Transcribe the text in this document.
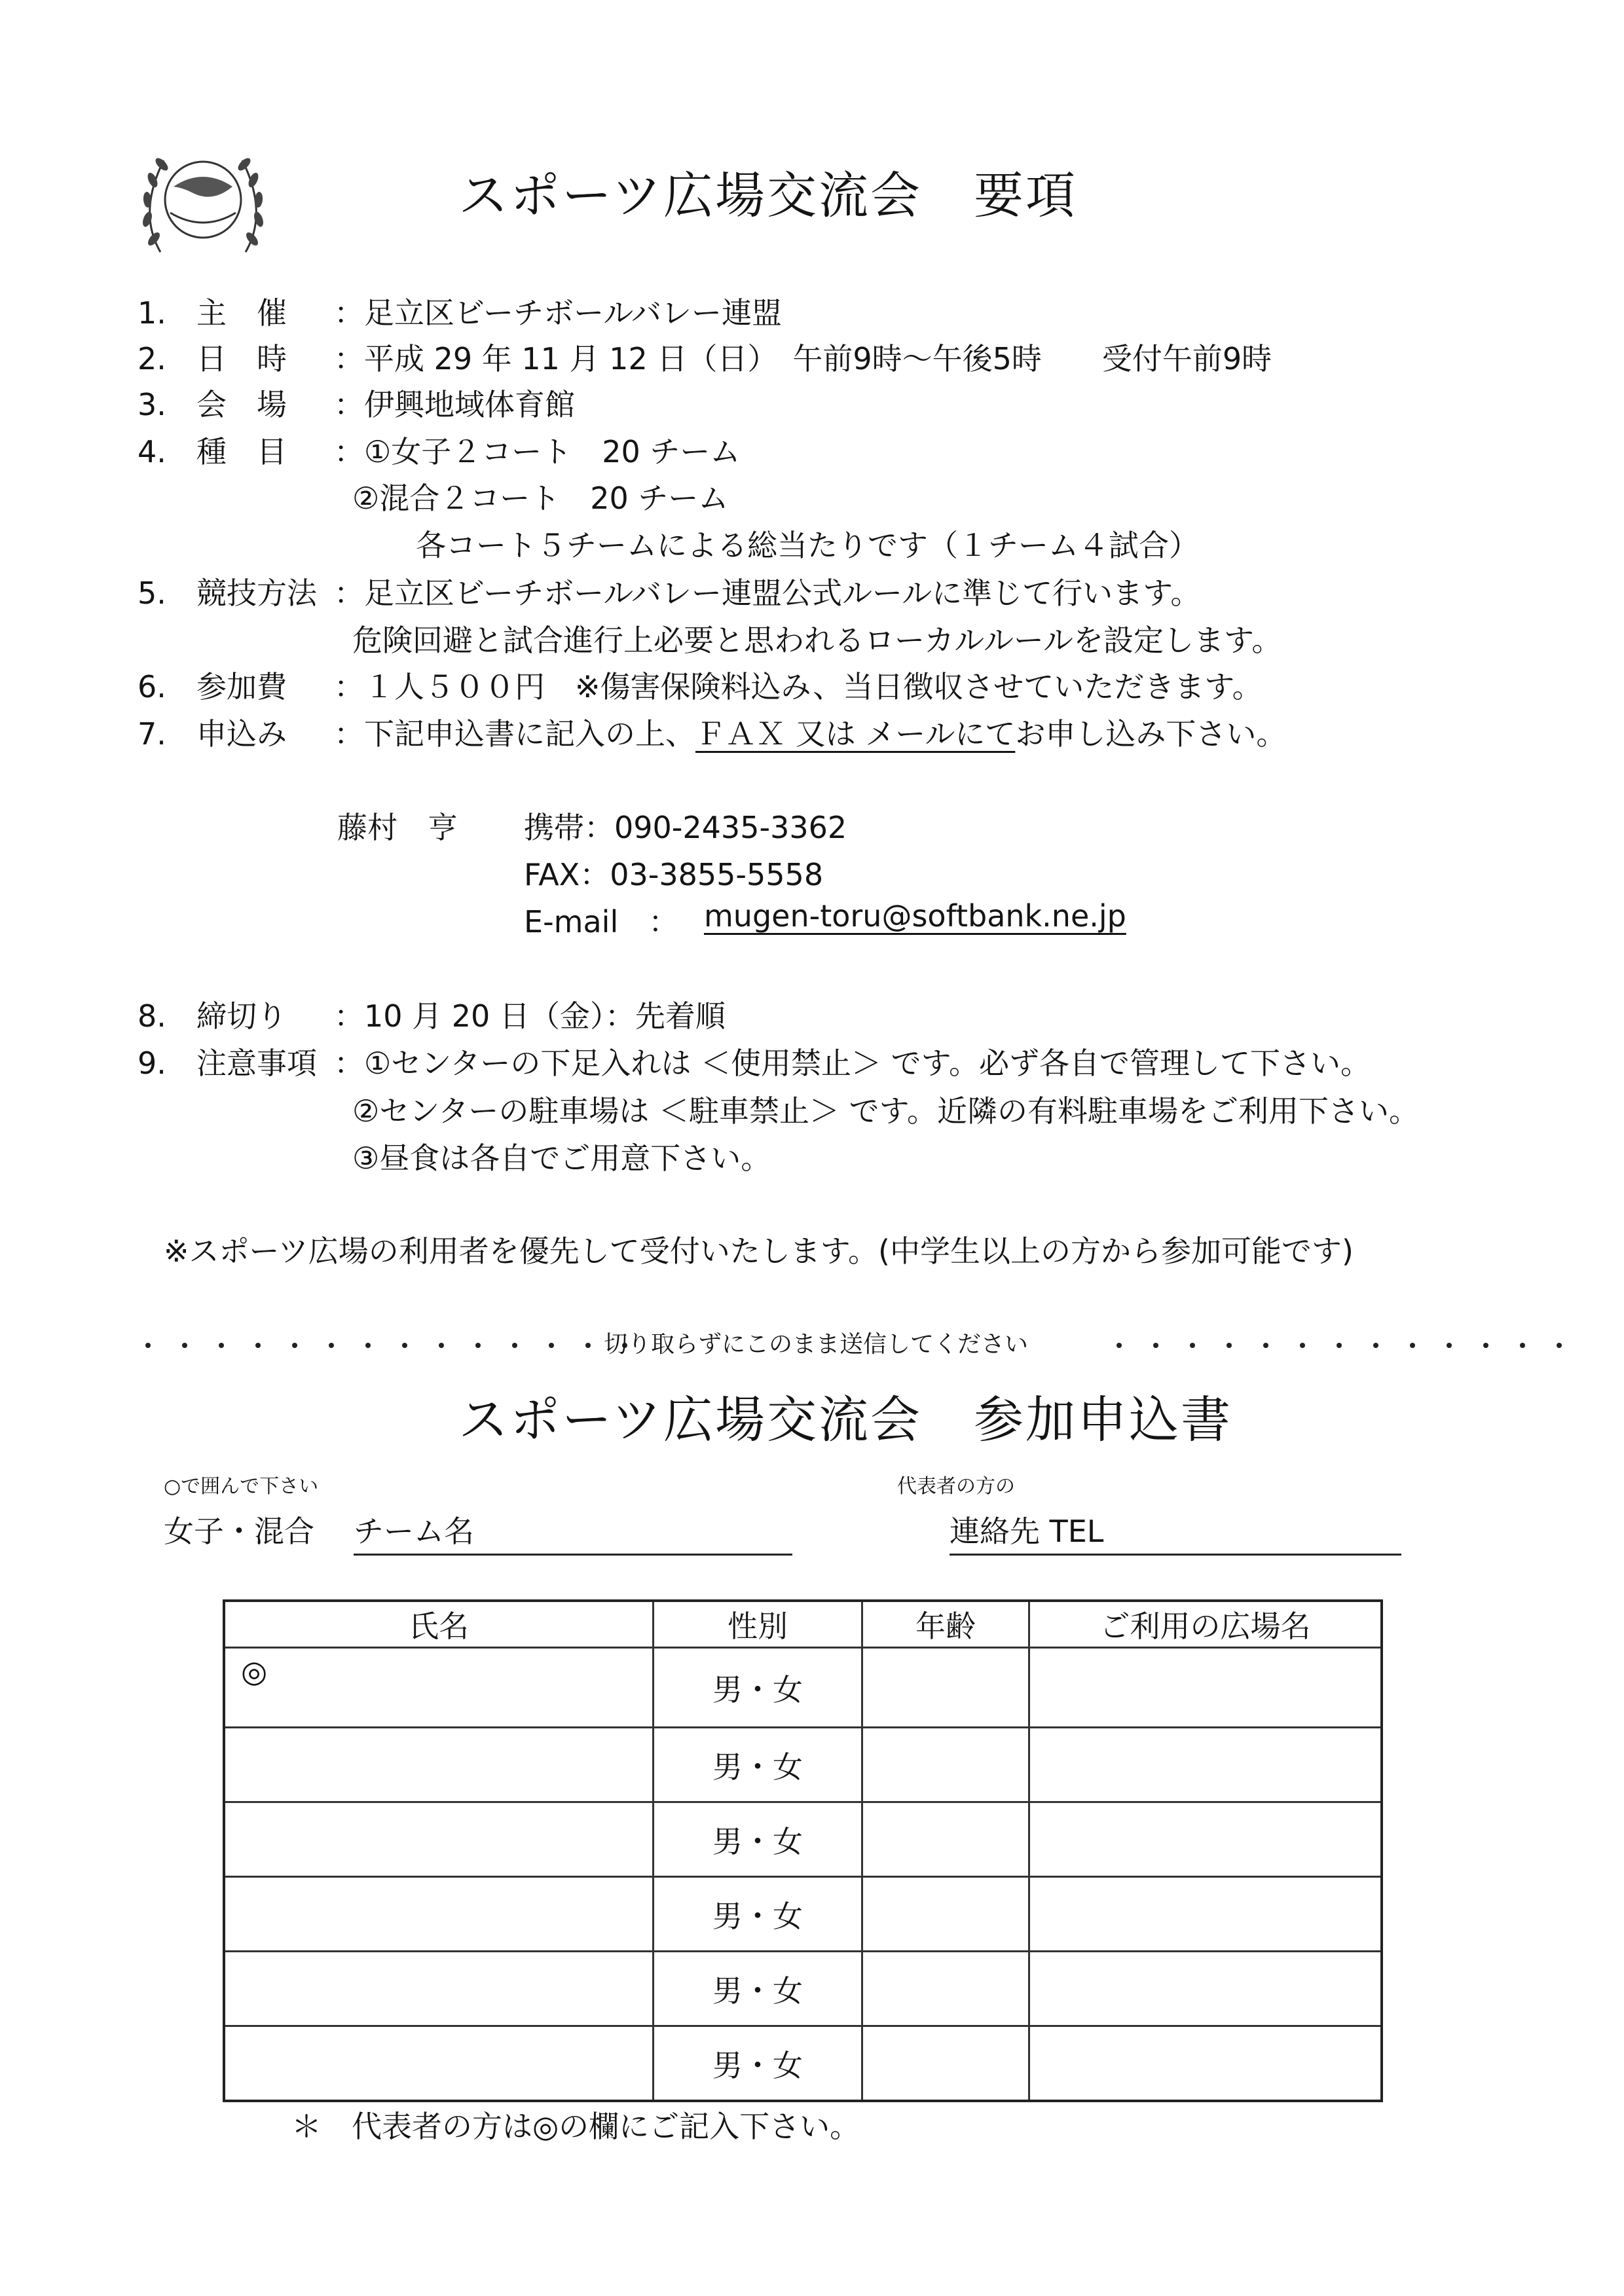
スポーツ広場交流会　要項
1. 主　催 ：足立区ビーチボールバレー連盟
2. 日　時 ：平成 29 年 11 月 12 日（日）　午前9時〜午後5時　　受付午前9時
3. 会　場 ：伊興地域体育館
4. 種　目 ：①女子２コート　20 チーム
②混合２コート　20 チーム
各コート５チームによる総当たりです（１チーム４試合）
5. 競技方法 ：足立区ビーチボールバレー連盟公式ルールに準じて行います。
危険回避と試合進行上必要と思われるローカルルールを設定します。
6. 参加費 ：１人５００円　※傷害保険料込み、当日徴収させていただきます。
7. 申込み ：下記申込書に記入の上、ＦＡＸ 又は メールにてお申し込み下さい。
藤村　亨 携帯：090-2435-3362
FAX：03-3855-5558
E-mail　： mugen-toru@softbank.ne.jp
8. 締切り ：10 月 20 日（金）：先着順
9. 注意事項 ：①センターの下足入れは ＜使用禁止＞ です。必ず各自で管理して下さい。
②センターの駐車場は ＜駐車禁止＞ です。近隣の有料駐車場をご利用下さい。
③昼食は各自でご用意下さい。
※スポーツ広場の利用者を優先して受付いたします。(中学生以上の方から参加可能です)
切り取らずにこのまま送信してください
スポーツ広場交流会　参加申込書
○で囲んで下さい
女子・混合 チーム名
代表者の方の
連絡先 TEL
氏名	性別	年齢	ご利用の広場名
◎	男・女		
	男・女		
	男・女		
	男・女		
	男・女		
	男・女		
＊　代表者の方は◎の欄にご記入下さい。
